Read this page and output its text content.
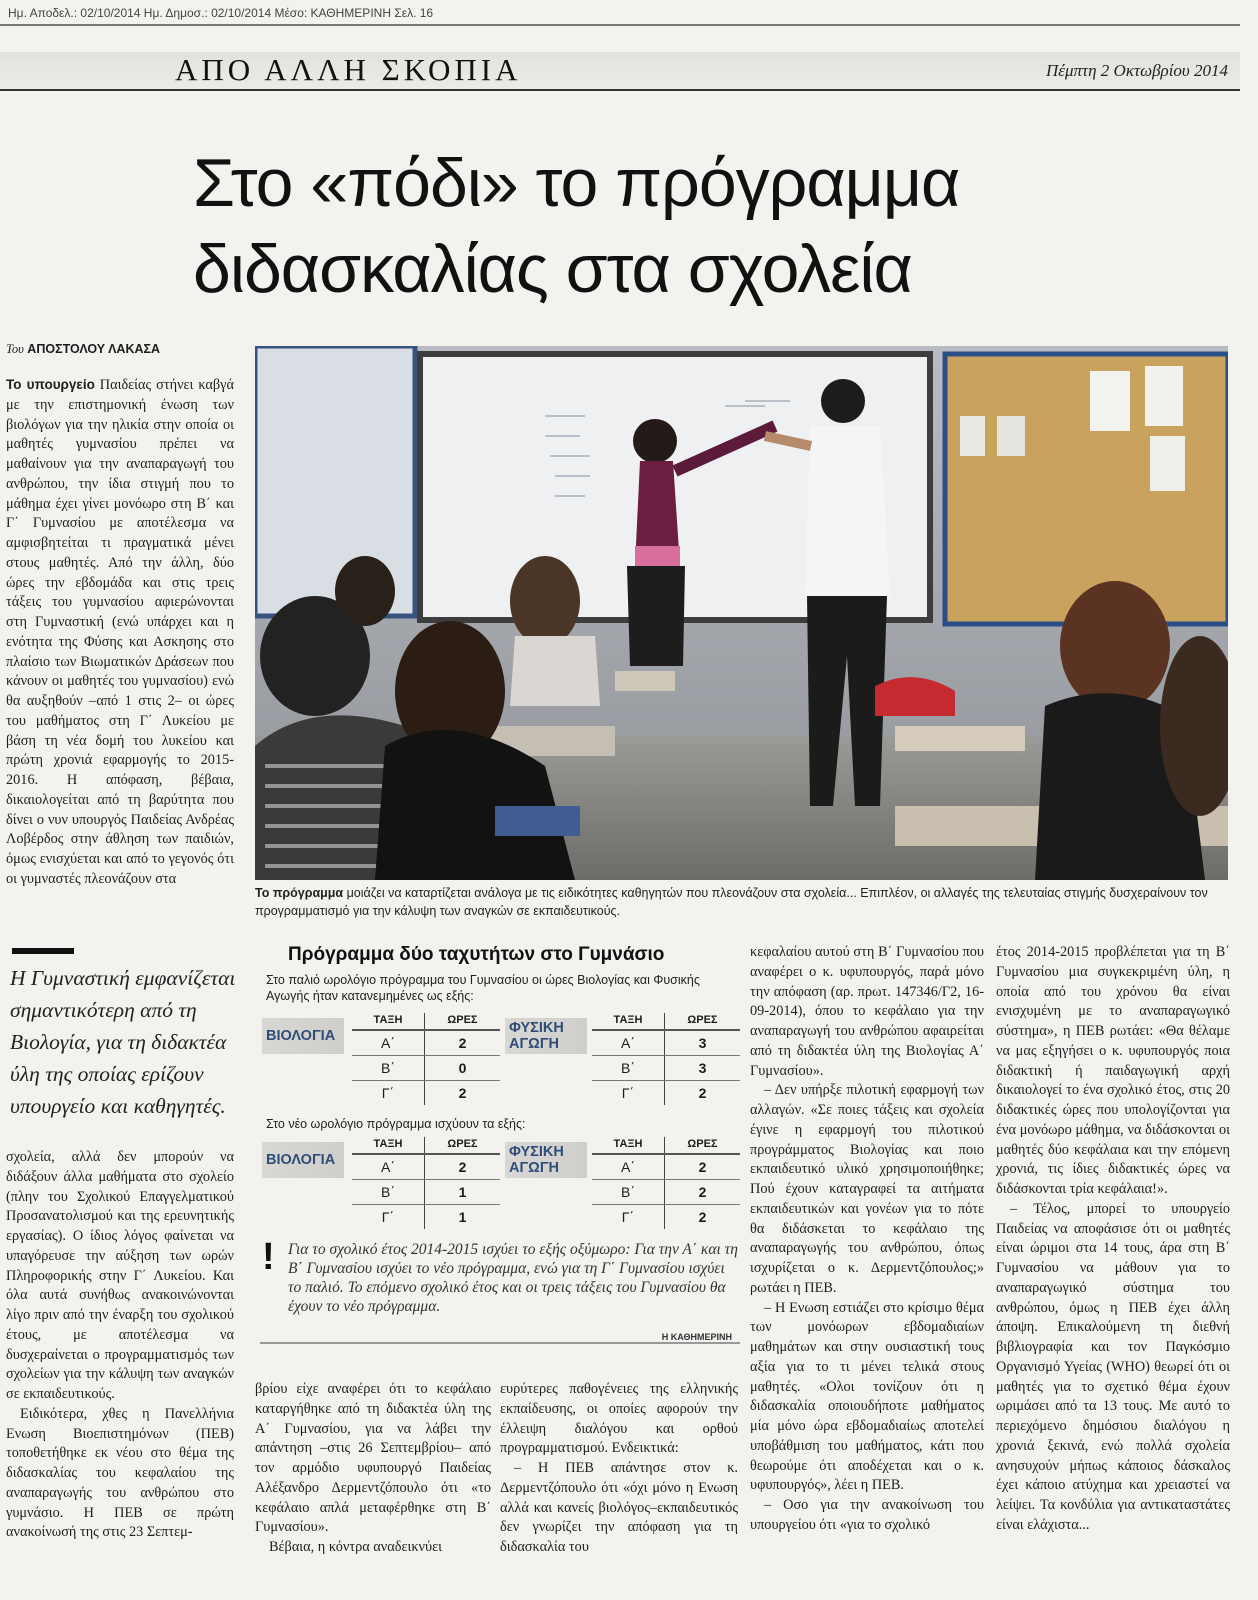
Ημ. Αποδελ.: 02/10/2014 Ημ. Δημοσ.: 02/10/2014 Μέσο: ΚΑΘΗΜΕΡΙΝΗ Σελ. 16
ΑΠΟ ΑΛΛΗ ΣΚΟΠΙΑ	Πέμπτη 2 Οκτωβρίου 2014
Στο «πόδι» το πρόγραμμα
διδασκαλίας στα σχολεία
Του ΑΠΟΣΤΟΛΟΥ ΛΑΚΑΣΑ

Το υπουργείο Παιδείας στήνει καβγά με την επιστημονική ένωση των βιολόγων για την ηλικία στην οποία οι μαθητές γυμνασίου πρέπει να μαθαίνουν για την αναπαραγωγή του ανθρώπου, την ίδια στιγμή που το μάθημα έχει γίνει μονόωρο στη Β΄ και Γ΄ Γυμνασίου με αποτέλεσμα να αμφισβητείται τι πραγματικά μένει στους μαθητές. Από την άλλη, δύο ώρες την εβδομάδα και στις τρεις τάξεις του γυμνασίου αφιερώνονται στη Γυμναστική (ενώ υπάρχει και η ενότητα της Φύσης και Ασκησης στο πλαίσιο των Βιωματικών Δράσεων που κάνουν οι μαθητές του γυμνασίου) ενώ θα αυξηθούν –από 1 στις 2– οι ώρες του μαθήματος στη Γ΄ Λυκείου με βάση τη νέα δομή του λυκείου και πρώτη χρονιά εφαρμογής το 2015-2016. Η απόφαση, βέβαια, δικαιολογείται από τη βαρύτητα που δίνει ο νυν υπουργός Παιδείας Ανδρέας Λοβέρδος στην άθληση των παιδιών, όμως ενισχύεται και από το γεγονός ότι οι γυμναστές πλεονάζουν στα

Η Γυμναστική εμφανίζεται σημαντικότερη από τη Βιολογία, για τη διδακτέα ύλη της οποίας ερίζουν υπουργείο και καθηγητές.

σχολεία, αλλά δεν μπορούν να διδάξουν άλλα μαθήματα στο σχολείο (πλην του Σχολικού Επαγγελματικού Προσανατολισμού και της ερευνητικής εργασίας). Ο ίδιος λόγος φαίνεται να υπαγόρευσε την αύξηση των ωρών Πληροφορικής στην Γ΄ Λυκείου. Και όλα αυτά συνήθως ανακοινώνονται λίγο πριν από την έναρξη του σχολικού έτους, με αποτέλεσμα να δυσχεραίνεται ο προγραμματισμός των σχολείων για την κάλυψη των αναγκών σε εκπαιδευτικούς.

Ειδικότερα, χθες η Πανελλήνια Ενωση Βιοεπιστημόνων (ΠΕΒ) τοποθετήθηκε εκ νέου στο θέμα της διδασκαλίας του κεφαλαίου της αναπαραγωγής του ανθρώπου στο γυμνάσιο. Η ΠΕΒ σε πρώτη ανακοίνωσή της στις 23 Σεπτεμ-

Το πρόγραμμα μοιάζει να καταρτίζεται ανάλογα με τις ειδικότητες καθηγητών που πλεονάζουν στα σχολεία... Επιπλέον, οι αλλαγές της τελευταίας στιγμής δυσχεραίνουν τον προγραμματισμό για την κάλυψη των αναγκών σε εκπαιδευτικούς.
Πρόγραμμα δύο ταχυτήτων στο Γυμνάσιο
Στο παλιό ωρολόγιο πρόγραμμα του Γυμνασίου οι ώρες Βιολογίας και Φυσικής Αγωγής ήταν κατανεμημένες ως εξής:
ΒΙΟΛΟΓΙΑ
ΤΑΞΗ	ΩΡΕΣ
Α΄	2
Β΄	0
Γ΄	2
ΦΥΣΙΚΗ
ΑΓΩΓΗ
ΤΑΞΗ	ΩΡΕΣ
Α΄	3
Β΄	3
Γ΄	2
Στο νέο ωρολόγιο πρόγραμμα ισχύουν τα εξής:
ΒΙΟΛΟΓΙΑ
ΤΑΞΗ	ΩΡΕΣ
Α΄	2
Β΄	1
Γ΄	1
ΦΥΣΙΚΗ
ΑΓΩΓΗ
ΤΑΞΗ	ΩΡΕΣ
Α΄	2
Β΄	2
Γ΄	2
! Για το σχολικό έτος 2014-2015 ισχύει το εξής οξύμωρο: Για την Α΄ και τη Β΄ Γυμνασίου ισχύει το νέο πρόγραμμα, ενώ για τη Γ΄ Γυμνασίου ισχύει το παλιό. Το επόμενο σχολικό έτος και οι τρεις τάξεις του Γυμνασίου θα έχουν το νέο πρόγραμμα.
Η ΚΑΘΗΜΕΡΙΝΗ

βρίου είχε αναφέρει ότι το κεφάλαιο καταργήθηκε από τη διδακτέα ύλη της Α΄ Γυμνασίου, για να λάβει την απάντηση –στις 26 Σεπτεμβρίου– από τον αρμόδιο υφυπουργό Παιδείας Αλέξανδρο Δερμεντζόπουλο ότι «το κεφάλαιο απλά μεταφέρθηκε στη Β΄ Γυμνασίου».

Βέβαια, η κόντρα αναδεικνύει

ευρύτερες παθογένειες της ελληνικής εκπαίδευσης, οι οποίες αφορούν την έλλειψη διαλόγου και ορθού προγραμματισμού. Ενδεικτικά:

– Η ΠΕΒ απάντησε στον κ. Δερμεντζόπουλο ότι «όχι μόνο η Ενωση αλλά και κανείς βιολόγος–εκπαιδευτικός δεν γνωρίζει την απόφαση για τη διδασκαλία του

κεφαλαίου αυτού στη Β΄ Γυμνασίου που αναφέρει ο κ. υφυπουργός, παρά μόνο την απόφαση (αρ. πρωτ. 147346/Γ2, 16-09-2014), όπου το κεφάλαιο για την αναπαραγωγή του ανθρώπου αφαιρείται από τη διδακτέα ύλη της Βιολογίας Α΄ Γυμνασίου».

– Δεν υπήρξε πιλοτική εφαρμογή των αλλαγών. «Σε ποιες τάξεις και σχολεία έγινε η εφαρμογή του πιλοτικού προγράμματος Βιολογίας και ποιο εκπαιδευτικό υλικό χρησιμοποιήθηκε; Πού έχουν καταγραφεί τα αιτήματα εκπαιδευτικών και γονέων για το πότε θα διδάσκεται το κεφάλαιο της αναπαραγωγής του ανθρώπου, όπως ισχυρίζεται ο κ. Δερμεντζόπουλος;» ρωτάει η ΠΕΒ.

– Η Ενωση εστιάζει στο κρίσιμο θέμα των μονόωρων εβδομαδιαίων μαθημάτων και στην ουσιαστική τους αξία για το τι μένει τελικά στους μαθητές. «Ολοι τονίζουν ότι η διδασκαλία οποιουδήποτε μαθήματος μία μόνο ώρα εβδομαδιαίως αποτελεί υποβάθμιση του μαθήματος, κάτι που θεωρούμε ότι αποδέχεται και ο κ. υφυπουργός», λέει η ΠΕΒ.

– Οσο για την ανακοίνωση του υπουργείου ότι «για το σχολικό

έτος 2014-2015 προβλέπεται για τη Β΄ Γυμνασίου μια συγκεκριμένη ύλη, η οποία από του χρόνου θα είναι ενισχυμένη με το αναπαραγωγικό σύστημα», η ΠΕΒ ρωτάει: «Θα θέλαμε να μας εξηγήσει ο κ. υφυπουργός ποια διδακτική ή παιδαγωγική αρχή δικαιολογεί το ένα σχολικό έτος, στις 20 διδακτικές ώρες που υπολογίζονται για ένα μονόωρο μάθημα, να διδάσκονται οι μαθητές δύο κεφάλαια και την επόμενη χρονιά, τις ίδιες διδακτικές ώρες να διδάσκονται τρία κεφάλαια!».

– Τέλος, μπορεί το υπουργείο Παιδείας να αποφάσισε ότι οι μαθητές είναι ώριμοι στα 14 τους, άρα στη Β΄ Γυμνασίου να μάθουν για το αναπαραγωγικό σύστημα του ανθρώπου, όμως η ΠΕΒ έχει άλλη άποψη. Επικαλούμενη τη διεθνή βιβλιογραφία και τον Παγκόσμιο Οργανισμό Υγείας (WHO) θεωρεί ότι οι μαθητές για το σχετικό θέμα έχουν ωριμάσει από τα 13 τους. Με αυτό το περιεχόμενο δημόσιου διαλόγου η χρονιά ξεκινά, ενώ πολλά σχολεία ανησυχούν μήπως κάποιος δάσκαλος έχει κάποιο ατύχημα και χρειαστεί να λείψει. Τα κονδύλια για αντικαταστάτες είναι ελάχιστα...
